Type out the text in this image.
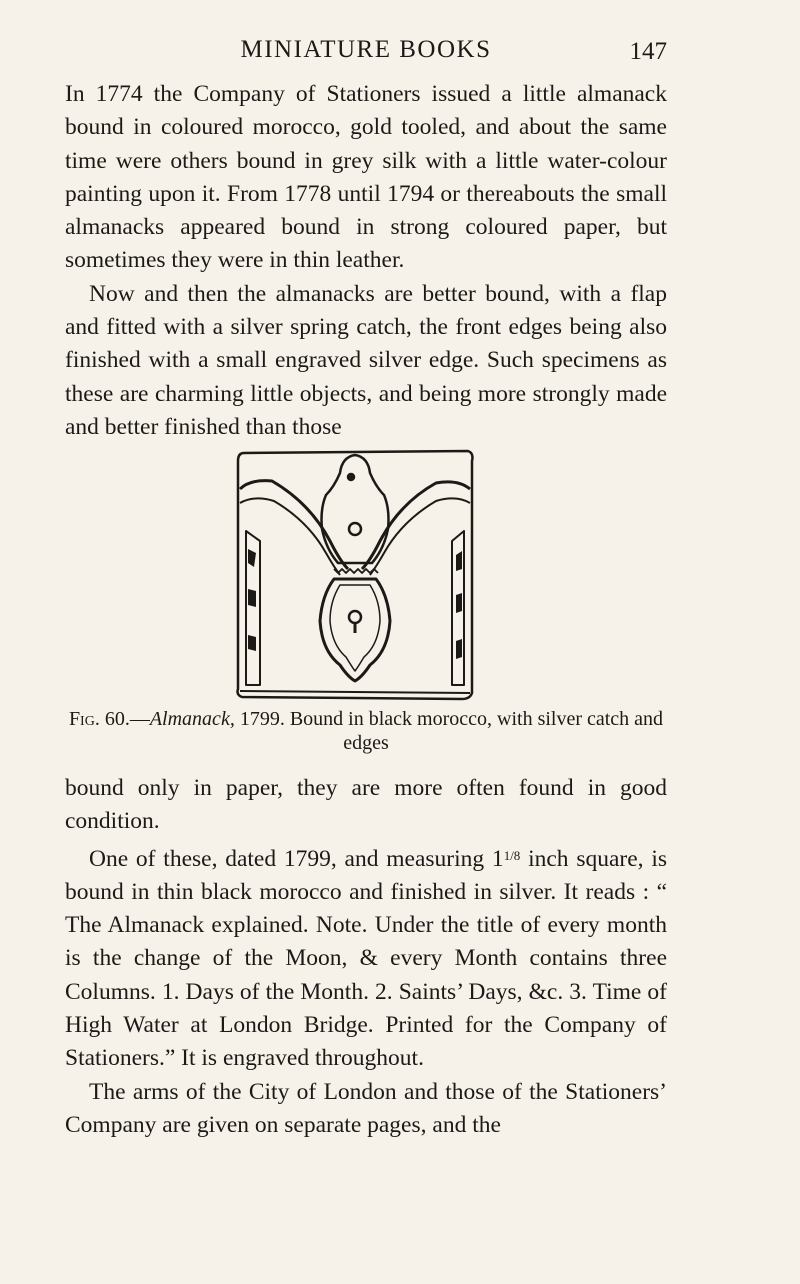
MINIATURE BOOKS	147

In 1774 the Company of Stationers issued a little almanack bound in coloured morocco, gold tooled, and about the same time were others bound in grey silk with a little water-colour painting upon it. From 1778 until 1794 or thereabouts the small almanacks appeared bound in strong coloured paper, but sometimes they were in thin leather.

Now and then the almanacks are better bound, with a flap and fitted with a silver spring catch, the front edges being also finished with a small engraved silver edge. Such specimens as these are charming little objects, and being more strongly made and better finished than those

Fig. 60.—Almanack, 1799. Bound in black morocco, with silver catch and edges

bound only in paper, they are more often found in good condition.

One of these, dated 1799, and measuring $1^{1/8}$ inch square, is bound in thin black morocco and finished in silver. It reads : “ The Almanack explained. Note. Under the title of every month is the change of the Moon, & every Month contains three Columns. 1. Days of the Month. 2. Saints’ Days, &c. 3. Time of High Water at London Bridge. Printed for the Company of Stationers.” It is engraved throughout.

The arms of the City of London and those of the Stationers’ Company are given on separate pages, and the
